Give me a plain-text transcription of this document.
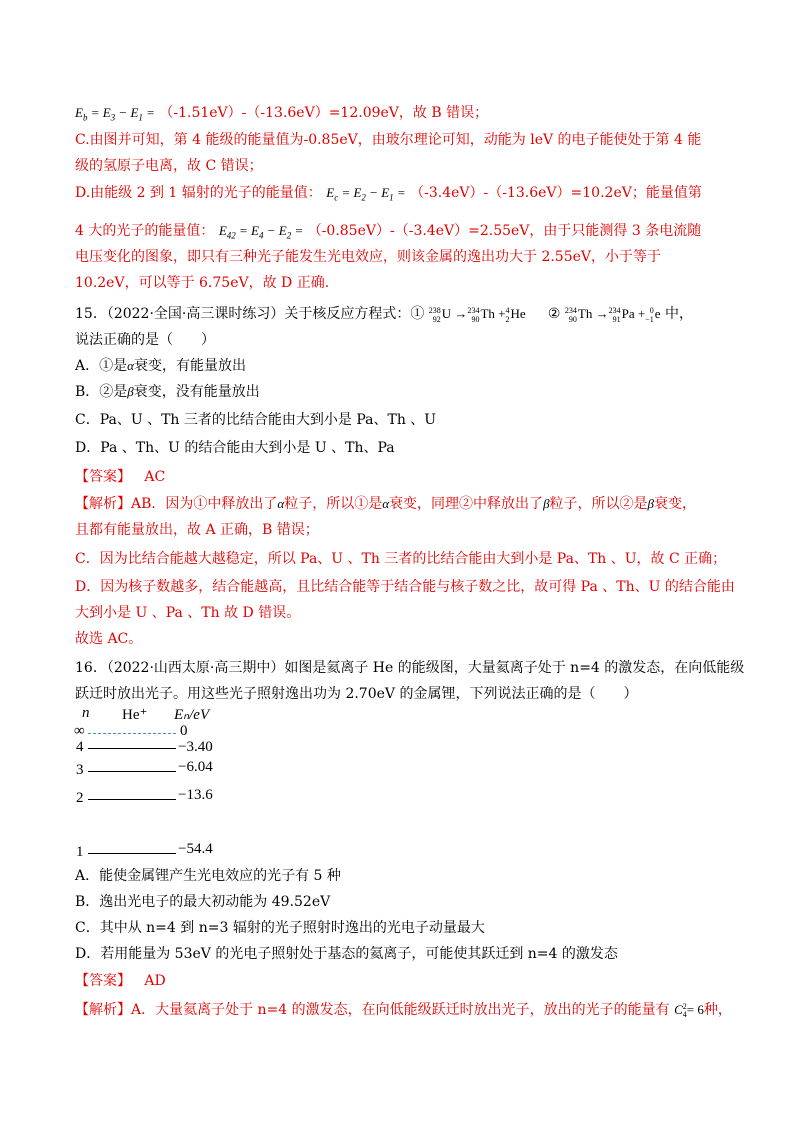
$E_b = E_3 - E_1 = (-1.51eV)-(-13.6eV)=12.09eV$，故 B 错误；
C.由图并可知，第 4 能级的能量值为-0.85eV，由玻尔理论可知，动能为 leV 的电子能使处于第 4 能
级的氢原子电离，故 C 错误；
D.由能级 2 到 1 辐射的光子的能量值： $E_c = E_2 - E_1 = (-3.4eV)-(-13.6eV)=10.2eV$；能量值第
4 大的光子的能量值： $E_{42} = E_4 - E_2 = (-0.85eV)-(-3.4eV)=2.55eV$，由于只能测得 3 条电流随
电压变化的图象，即只有三种光子能发生光电效应，则该金属的逸出功大于 2.55eV，小于等于
10.2eV，可以等于 6.75eV，故 D 正确.
15．（2022·全国·高三课时练习）关于核反应方程式：① 238
92U →234
90Th +4
2He ② 234
90Th →234
91Pa + 0
−1e 中，
说法正确的是（　　）
A．①是α衰变，有能量放出
B．②是β衰变，没有能量放出
C．Pa、U 、Th 三者的比结合能由大到小是 Pa、Th 、U
D．Pa 、Th、U 的结合能由大到小是 U 、Th、Pa
【答案】 AC
【解析】AB．因为①中释放出了α粒子，所以①是α衰变，同理②中释放出了β粒子，所以②是β衰变，
且都有能量放出，故 A 正确，B 错误；
C．因为比结合能越大越稳定，所以 Pa、U 、Th 三者的比结合能由大到小是 Pa、Th 、U，故 C 正确；
D．因为核子数越多，结合能越高，且比结合能等于结合能与核子数之比，故可得 Pa 、Th、U 的结合能由
大到小是 U 、Pa 、Th 故 D 错误。
故选 AC。
16．（2022·山西太原·高三期中）如图是氦离子 He 的能级图，大量氦离子处于 n=4 的激发态，在向低能级
跃迁时放出光子。用这些光子照射逸出功为 2.70eV 的金属锂，下列说法正确的是（　　）
n He⁺ Eₙ/eV
∞	0
4	−3.40
3	−6.04
2	−13.6
1	−54.4
A．能使金属锂产生光电效应的光子有 5 种
B．逸出光电子的最大初动能为 49.52eV
C．其中从 n=4 到 n=3 辐射的光子照射时逸出的光电子动量最大
D．若用能量为 53eV 的光电子照射处于基态的氦离子，可能使其跃迁到 n=4 的激发态
【答案】 AD
【解析】A．大量氦离子处于 n=4 的激发态，在向低能级跃迁时放出光子，放出的光子的能量有 C2
4= 6种，
